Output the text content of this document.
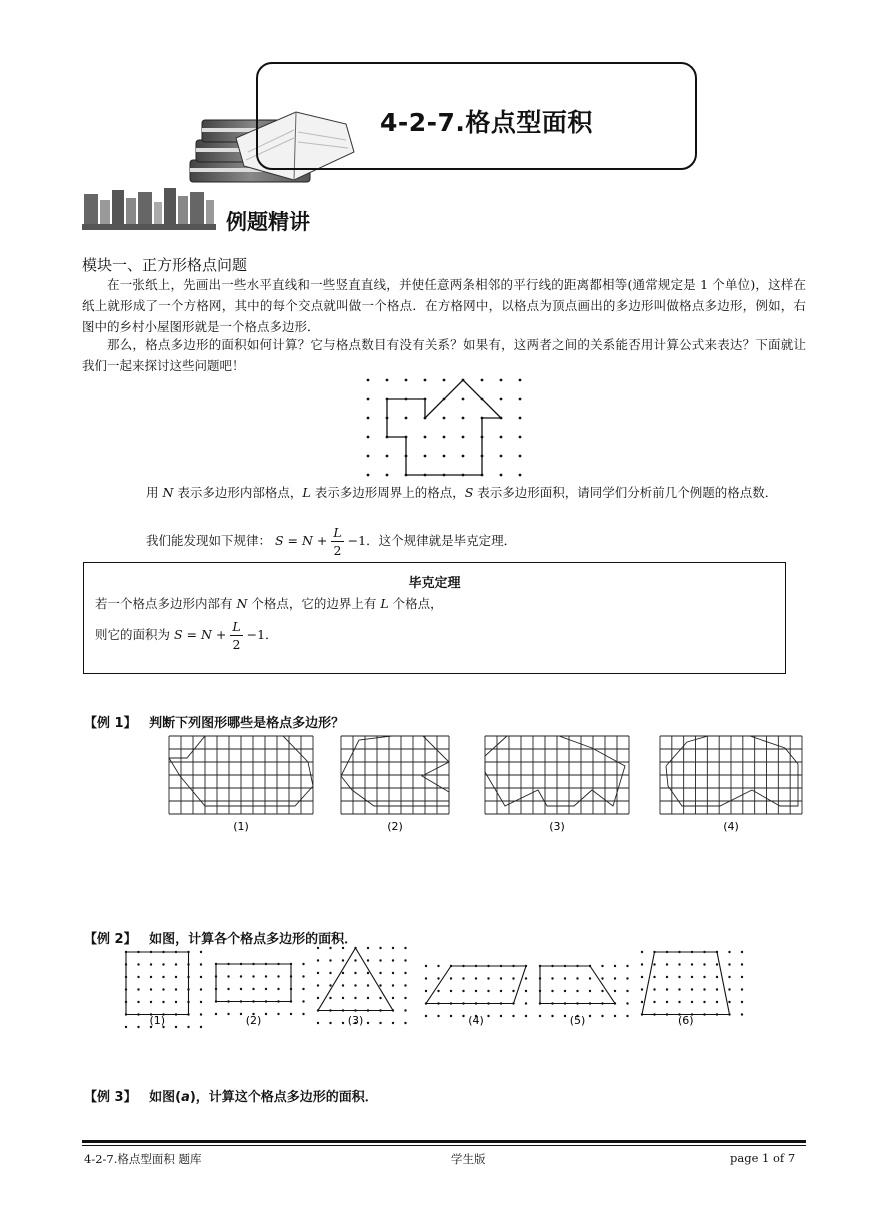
4-2-7.格点型面积
例题精讲
模块一、正方形格点问题
在一张纸上，先画出一些水平直线和一些竖直直线，并使任意两条相邻的平行线的距离都相等(通常规定是 1 个单位)，这样在纸上就形成了一个方格网，其中的每个交点就叫做一个格点．在方格网中，以格点为顶点画出的多边形叫做格点多边形，例如，右图中的乡村小屋图形就是一个格点多边形．
那么，格点多边形的面积如何计算？它与格点数目有没有关系？如果有，这两者之间的关系能否用计算公式来表达？下面就让我们一起来探讨这些问题吧！
用 N 表示多边形内部格点，L 表示多边形周界上的格点，S 表示多边形面积，请同学们分析前几个例题的格点数．
我们能发现如下规律： $S = N + \frac{L}{2} -1$．这个规律就是毕克定理．
毕克定理
若一个格点多边形内部有 N 个格点，它的边界上有 L 个格点，
则它的面积为 $S = N + \frac{L}{2} -1$．
【例 1】 判断下列图形哪些是格点多边形？
(1)	(2)	(3)	(4)
【例 2】 如图，计算各个格点多边形的面积．
(1)	(2)	(3)	(4)	(5)	(6)
【例 3】 如图(a)，计算这个格点多边形的面积．
4-2-7.格点型面积 题库	学生版	page 1 of 7
